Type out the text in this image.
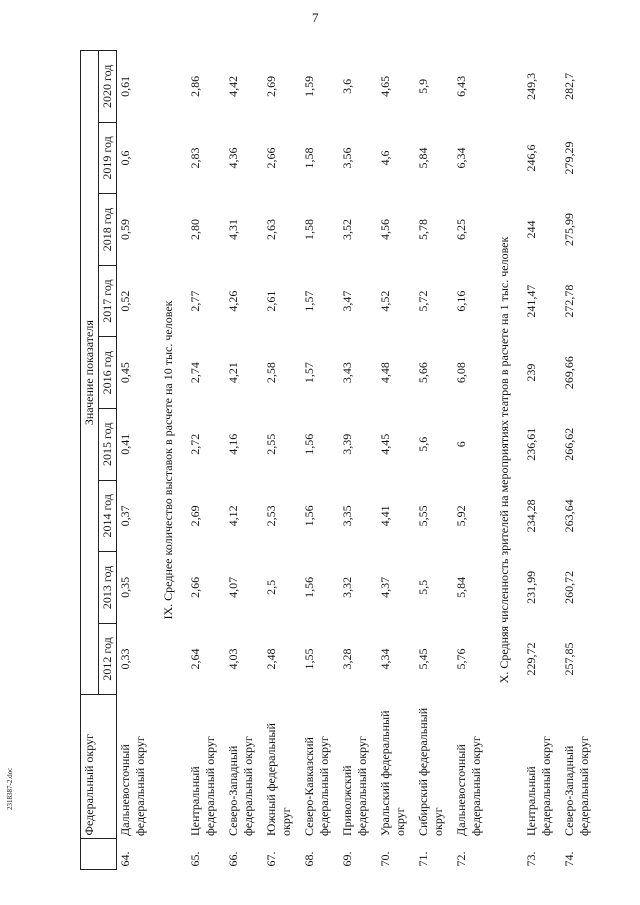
7
2318387-2.doc
		Федеральный округ	Значение показателя								
		2012 год	2013 год	2014 год	2015 год	2016 год	2017 год	2018 год	2019 год	2020 год
64.	Дальневосточный федеральный округ	0,33	0,35	0,37	0,41	0,45	0,52	0,59	0,6	0,61
IX. Среднее количество выставок в расчете на 10 тыс. человек										
65.	Центральный федеральный округ	2,64	2,66	2,69	2,72	2,74	2,77	2,80	2,83	2,86
66.	Северо-Западный федеральный округ	4,03	4,07	4,12	4,16	4,21	4,26	4,31	4,36	4,42
67.	Южный федеральный округ	2,48	2,5	2,53	2,55	2,58	2,61	2,63	2,66	2,69
68.	Северо-Кавказский федеральный округ	1,55	1,56	1,56	1,56	1,57	1,57	1,58	1,58	1,59
69.	Приволжский федеральный округ	3,28	3,32	3,35	3,39	3,43	3,47	3,52	3,56	3,6
70.	Уральский федеральный округ	4,34	4,37	4,41	4,45	4,48	4,52	4,56	4,6	4,65
71.	Сибирский федеральный округ	5,45	5,5	5,55	5,6	5,66	5,72	5,78	5,84	5,9
72.	Дальневосточный федеральный округ	5,76	5,84	5,92	6	6,08	6,16	6,25	6,34	6,43
X. Средняя численность зрителей на мероприятиях театров в расчете на 1 тыс. человек										
73.	Центральный федеральный округ	229,72	231,99	234,28	236,61	239	241,47	244	246,6	249,3
74.	Северо-Западный федеральный округ	257,85	260,72	263,64	266,62	269,66	272,78	275,99	279,29	282,7
